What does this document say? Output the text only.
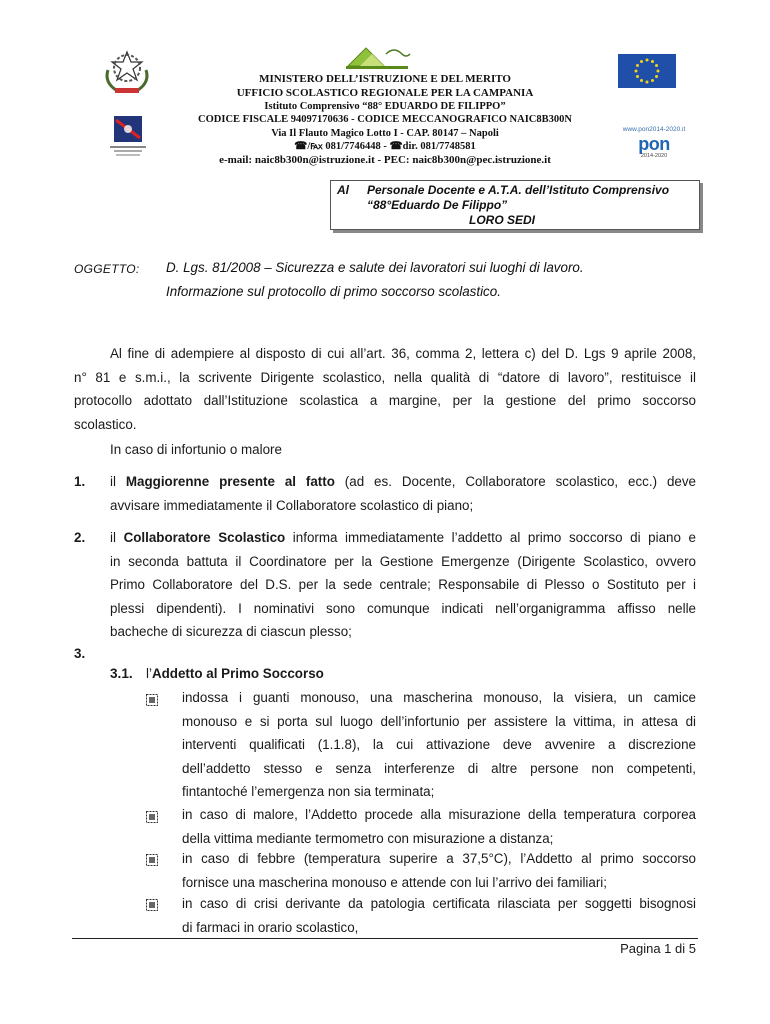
www.pon2014-2020.it
pon
2014-2020
MINISTERO DELL’ISTRUZIONE E DEL MERITO
UFFICIO SCOLASTICO REGIONALE PER LA CAMPANIA
Istituto Comprensivo “88° EDUARDO DE FILIPPO”
CODICE FISCALE 94097170636 - CODICE MECCANOGRAFICO NAIC8B300N
Via Il Flauto Magico Lotto I - CAP. 80147 – Napoli
☎/℻ 081/7746448 - ☎dir. 081/7748581
e-mail: naic8b300n@istruzione.it - PEC: naic8b300n@pec.istruzione.it
Al Personale Docente e A.T.A. dell’Istituto Comprensivo
“88°Eduardo De Filippo”
LORO SEDI
OGGETTO: D. Lgs. 81/2008 – Sicurezza e salute dei lavoratori sui luoghi di lavoro.
Informazione sul protocollo di primo soccorso scolastico.
Al fine di adempiere al disposto di cui all’art. 36, comma 2, lettera c) del D. Lgs 9 aprile 2008,
n° 81 e s.m.i., la scrivente Dirigente scolastico, nella qualità di “datore di lavoro”, restituisce il
protocollo adottato dall’Istituzione scolastica a margine, per la gestione del primo soccorso
scolastico.
In caso di infortunio o malore
1. il Maggiorenne presente al fatto (ad es. Docente, Collaboratore scolastico, ecc.) deve
avvisare immediatamente il Collaboratore scolastico di piano;
2. il Collaboratore Scolastico informa immediatamente l’addetto al primo soccorso di piano e
in seconda battuta il Coordinatore per la Gestione Emergenze (Dirigente Scolastico, ovvero
Primo Collaboratore del D.S. per la sede centrale; Responsabile di Plesso o Sostituto per i
plessi dipendenti). I nominativi sono comunque indicati nell’organigramma affisso nelle
bacheche di sicurezza di ciascun plesso;
3.
3.1. l’Addetto al Primo Soccorso
indossa i guanti monouso, una mascherina monouso, la visiera, un camice
monouso e si porta sul luogo dell’infortunio per assistere la vittima, in attesa di
interventi qualificati (1.1.8), la cui attivazione deve avvenire a discrezione
dell’addetto stesso e senza interferenze di altre persone non competenti,
fintantoché l’emergenza non sia terminata;
in caso di malore, l’Addetto procede alla misurazione della temperatura corporea
della vittima mediante termometro con misurazione a distanza;
in caso di febbre (temperatura superire a 37,5°C), l’Addetto al primo soccorso
fornisce una mascherina monouso e attende con lui l’arrivo dei familiari;
in caso di crisi derivante da patologia certificata rilasciata per soggetti bisognosi
di farmaci in orario scolastico,
Pagina 1 di 5
